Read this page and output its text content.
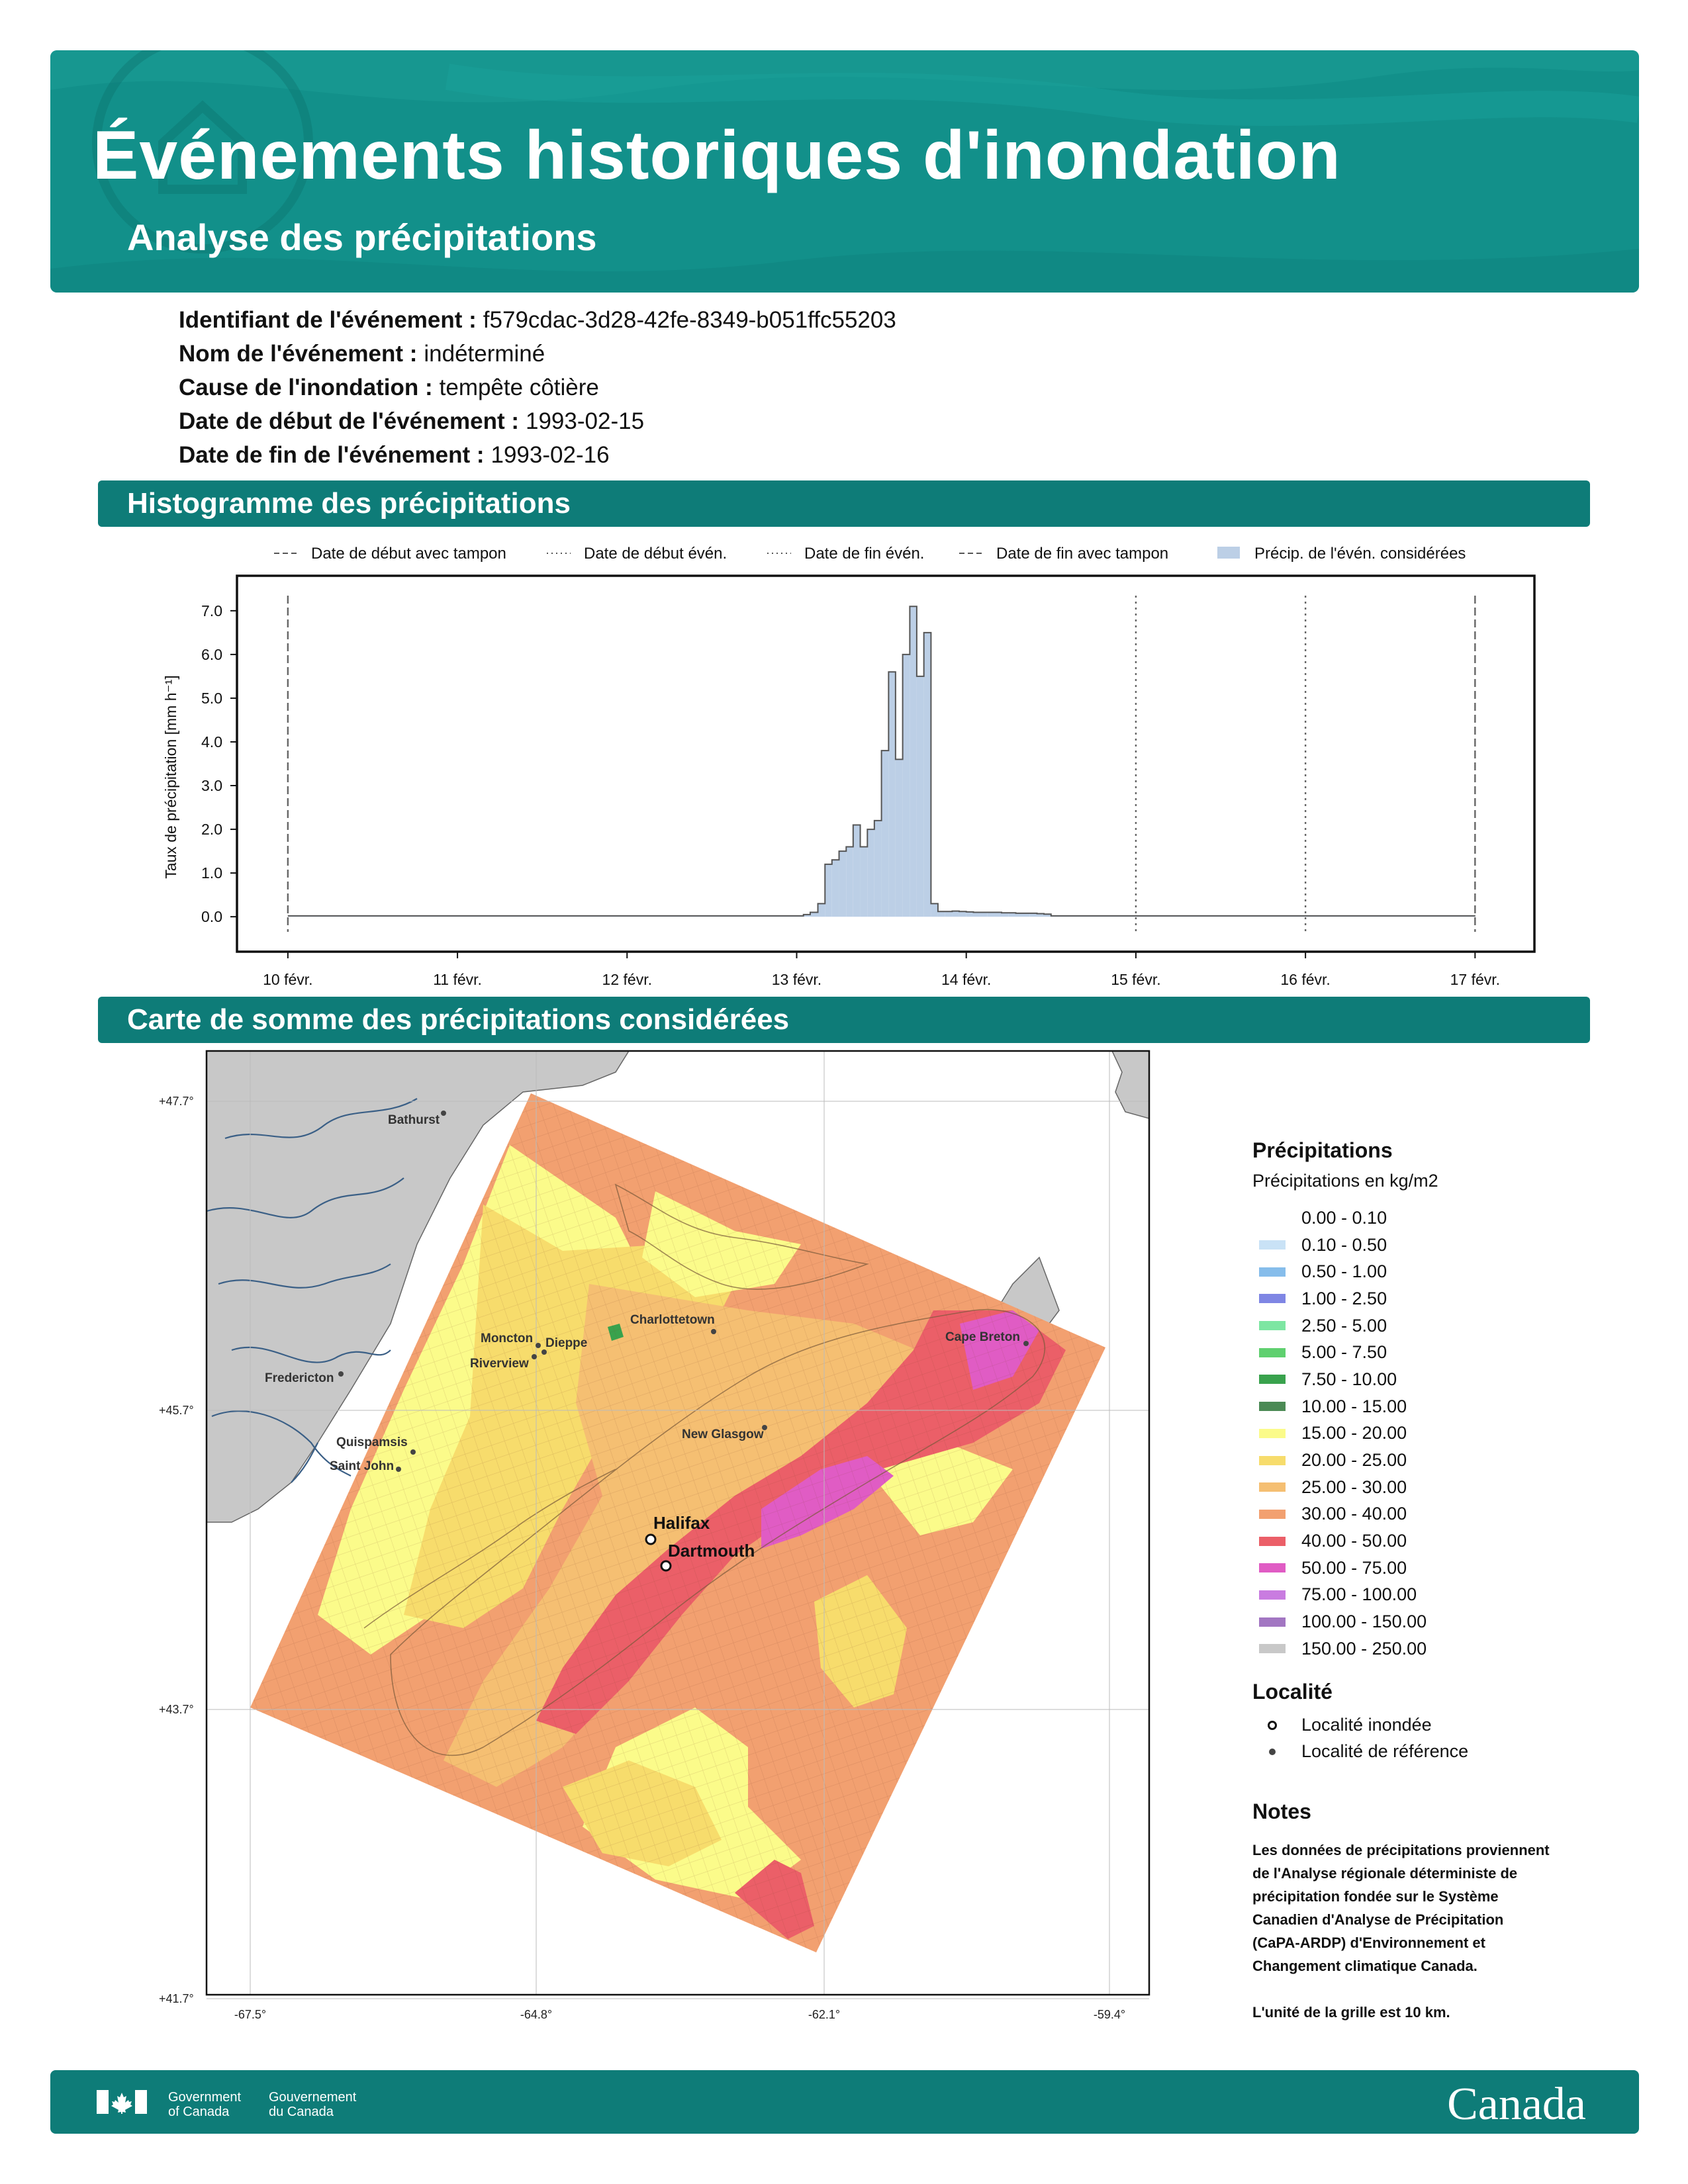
Événements historiques d'inondation
Analyse des précipitations
Identifiant de l'événement : f579cdac-3d28-42fe-8349-b051ffc55203
Nom de l'événement : indéterminé
Cause de l'inondation : tempête côtière
Date de début de l'événement : 1993-02-15
Date de fin de l'événement : 1993-02-16
Histogramme des précipitations
Date de début avec tampon	Date de début évén.	Date de fin évén.	Date de fin avec tampon	Précip. de l'évén. considérées
0.0
1.0
2.0
3.0
4.0
5.0
6.0
7.0
10 févr.	11 févr.	12 févr.	13 févr.	14 févr.	15 févr.	16 févr.	17 févr.
Taux de précipitation [mm h⁻¹]
Carte de somme des précipitations considérées
+47.7°
+45.7°
+43.7°
+41.7°
-67.5°	-64.8°	-62.1°	-59.4°
Bathurst
Charlottetown
Moncton Dieppe
Riverview
Cape Breton
Fredericton
New Glasgow
Quispamsis
Saint John
Halifax
Dartmouth
Précipitations
Précipitations en kg/m2
0.00 - 0.10
0.10 - 0.50
0.50 - 1.00
1.00 - 2.50
2.50 - 5.00
5.00 - 7.50
7.50 - 10.00
10.00 - 15.00
15.00 - 20.00
20.00 - 25.00
25.00 - 30.00
30.00 - 40.00
40.00 - 50.00
50.00 - 75.00
75.00 - 100.00
100.00 - 150.00
150.00 - 250.00
Localité
Localité inondée
Localité de référence
Notes
Les données de précipitations proviennent
de l'Analyse régionale déterministe de
précipitation fondée sur le Système
Canadien d'Analyse de Précipitation
(CaPA-ARDP) d'Environnement et
Changement climatique Canada.
L'unité de la grille est 10 km.
Government
of Canada
Gouvernement
du Canada	Canada
